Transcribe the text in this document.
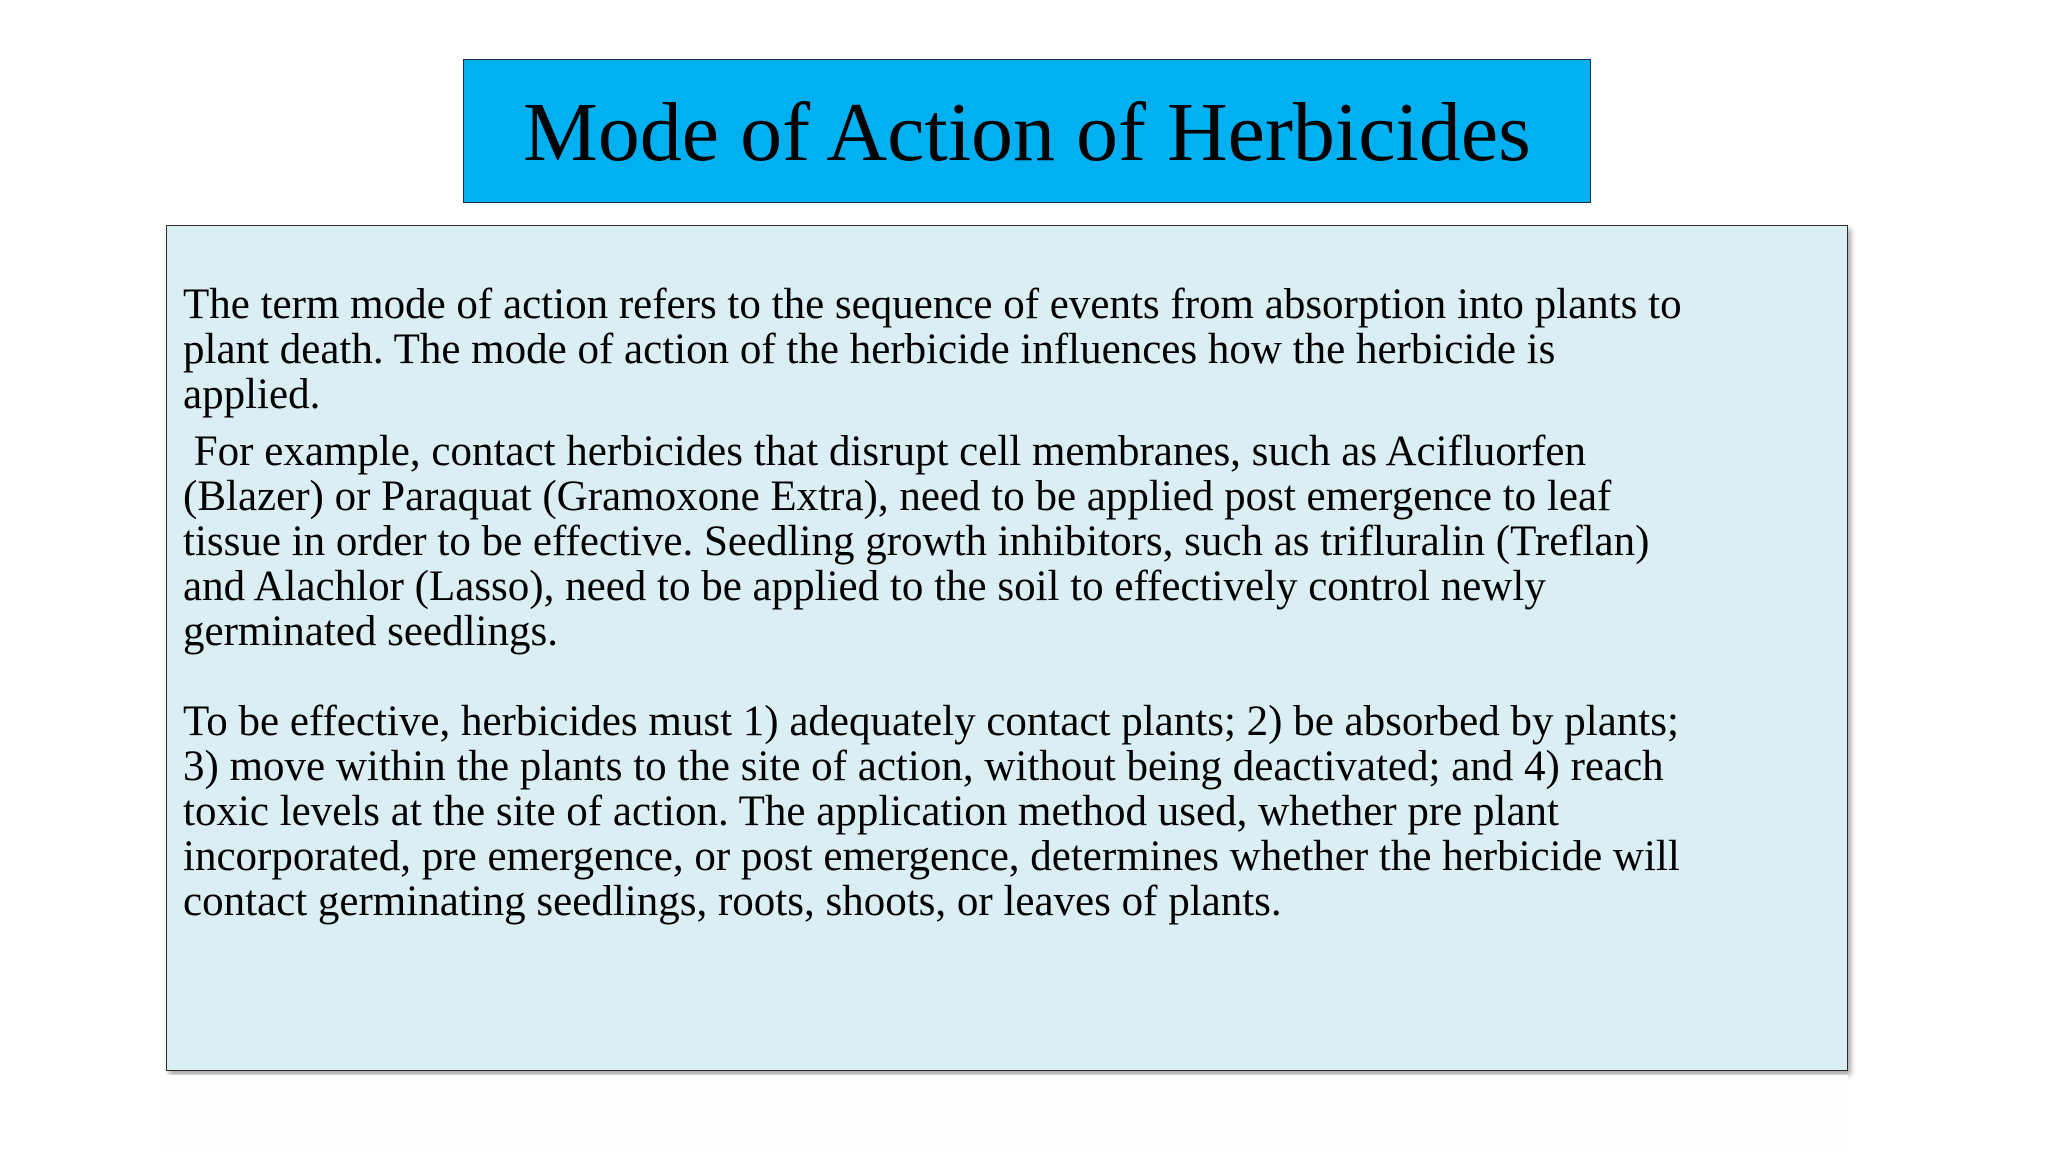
Mode of Action of Herbicides

The term mode of action refers to the sequence of events from absorption into plants to
plant death. The mode of action of the herbicide influences how the herbicide is
applied.

For example, contact herbicides that disrupt cell membranes, such as Acifluorfen
(Blazer) or Paraquat (Gramoxone Extra), need to be applied post emergence to leaf
tissue in order to be effective. Seedling growth inhibitors, such as trifluralin (Treflan)
and Alachlor (Lasso), need to be applied to the soil to effectively control newly
germinated seedlings.

To be effective, herbicides must 1) adequately contact plants; 2) be absorbed by plants;
3) move within the plants to the site of action, without being deactivated; and 4) reach
toxic levels at the site of action. The application method used, whether pre plant
incorporated, pre emergence, or post emergence, determines whether the herbicide will
contact germinating seedlings, roots, shoots, or leaves of plants.
